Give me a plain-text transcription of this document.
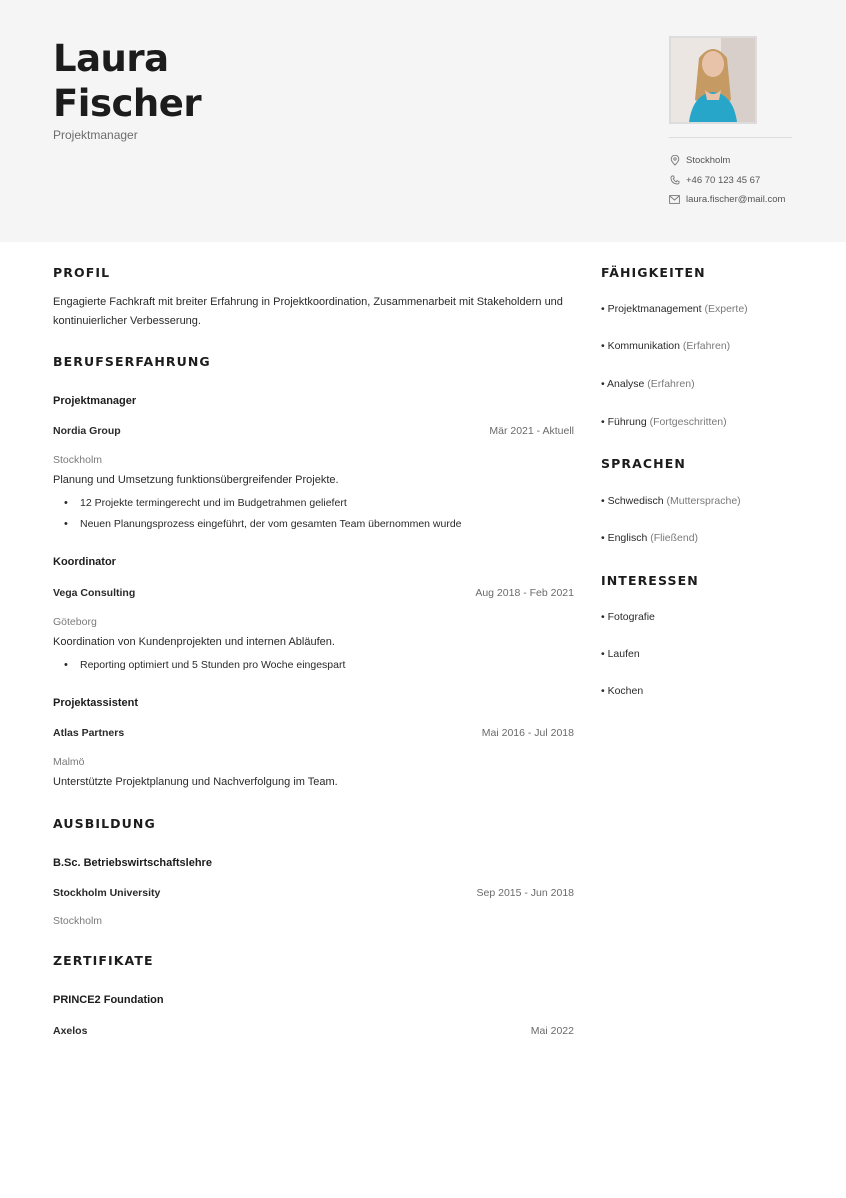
Laura
Fischer
Projektmanager
Stockholm
+46 70 123 45 67
laura.fischer@mail.com
PROFIL
Engagierte Fachkraft mit breiter Erfahrung in Projektkoordination, Zusammenarbeit mit Stakeholdern und
kontinuierlicher Verbesserung.
BERUFSERFAHRUNG
Projektmanager
Nordia Group	Mär 2021 - Aktuell
Stockholm
Planung und Umsetzung funktionsübergreifender Projekte.
• 12 Projekte termingerecht und im Budgetrahmen geliefert
• Neuen Planungsprozess eingeführt, der vom gesamten Team übernommen wurde
Koordinator
Vega Consulting	Aug 2018 - Feb 2021
Göteborg
Koordination von Kundenprojekten und internen Abläufen.
• Reporting optimiert und 5 Stunden pro Woche eingespart
Projektassistent
Atlas Partners	Mai 2016 - Jul 2018
Malmö
Unterstützte Projektplanung und Nachverfolgung im Team.
AUSBILDUNG
B.Sc. Betriebswirtschaftslehre
Stockholm University	Sep 2015 - Jun 2018
Stockholm
ZERTIFIKATE
PRINCE2 Foundation
Axelos	Mai 2022
FÄHIGKEITEN
• Projektmanagement (Experte)
• Kommunikation (Erfahren)
• Analyse (Erfahren)
• Führung (Fortgeschritten)
SPRACHEN
• Schwedisch (Muttersprache)
• Englisch (Fließend)
INTERESSEN
• Fotografie
• Laufen
• Kochen
